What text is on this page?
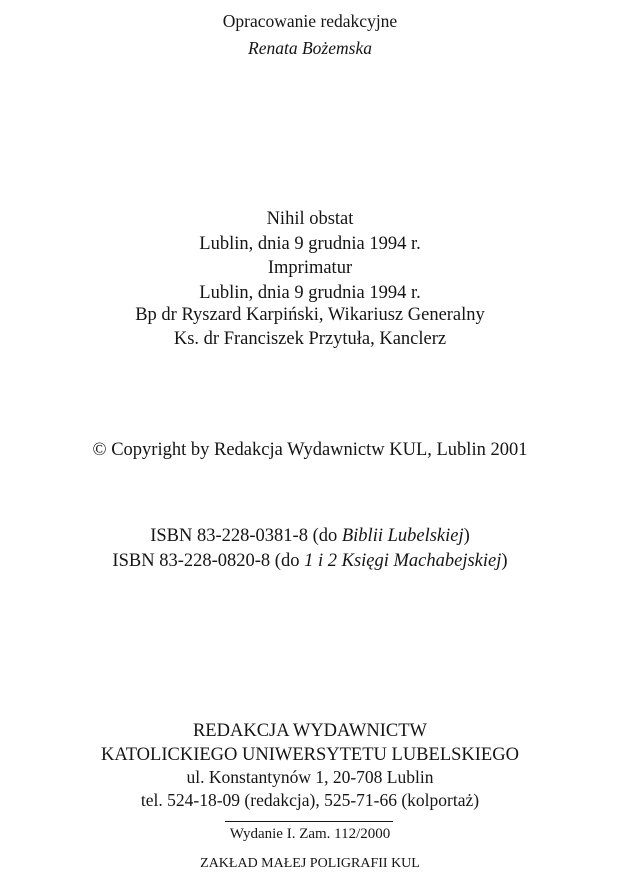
Opracowanie redakcyjne
Renata Bożemska
Nihil obstat
Lublin, dnia 9 grudnia 1994 r.
Imprimatur
Lublin, dnia 9 grudnia 1994 r.
Bp dr Ryszard Karpiński, Wikariusz Generalny
Ks. dr Franciszek Przytuła, Kanclerz
© Copyright by Redakcja Wydawnictw KUL, Lublin 2001
ISBN 83-228-0381-8 (do Biblii Lubelskiej)
ISBN 83-228-0820-8 (do 1 i 2 Księgi Machabejskiej)
REDAKCJA WYDAWNICTW
KATOLICKIEGO UNIWERSYTETU LUBELSKIEGO
ul. Konstantynów 1, 20-708 Lublin
tel. 524-18-09 (redakcja), 525-71-66 (kolportaż)
Wydanie I. Zam. 112/2000
ZAKŁAD MAŁEJ POLIGRAFII KUL
